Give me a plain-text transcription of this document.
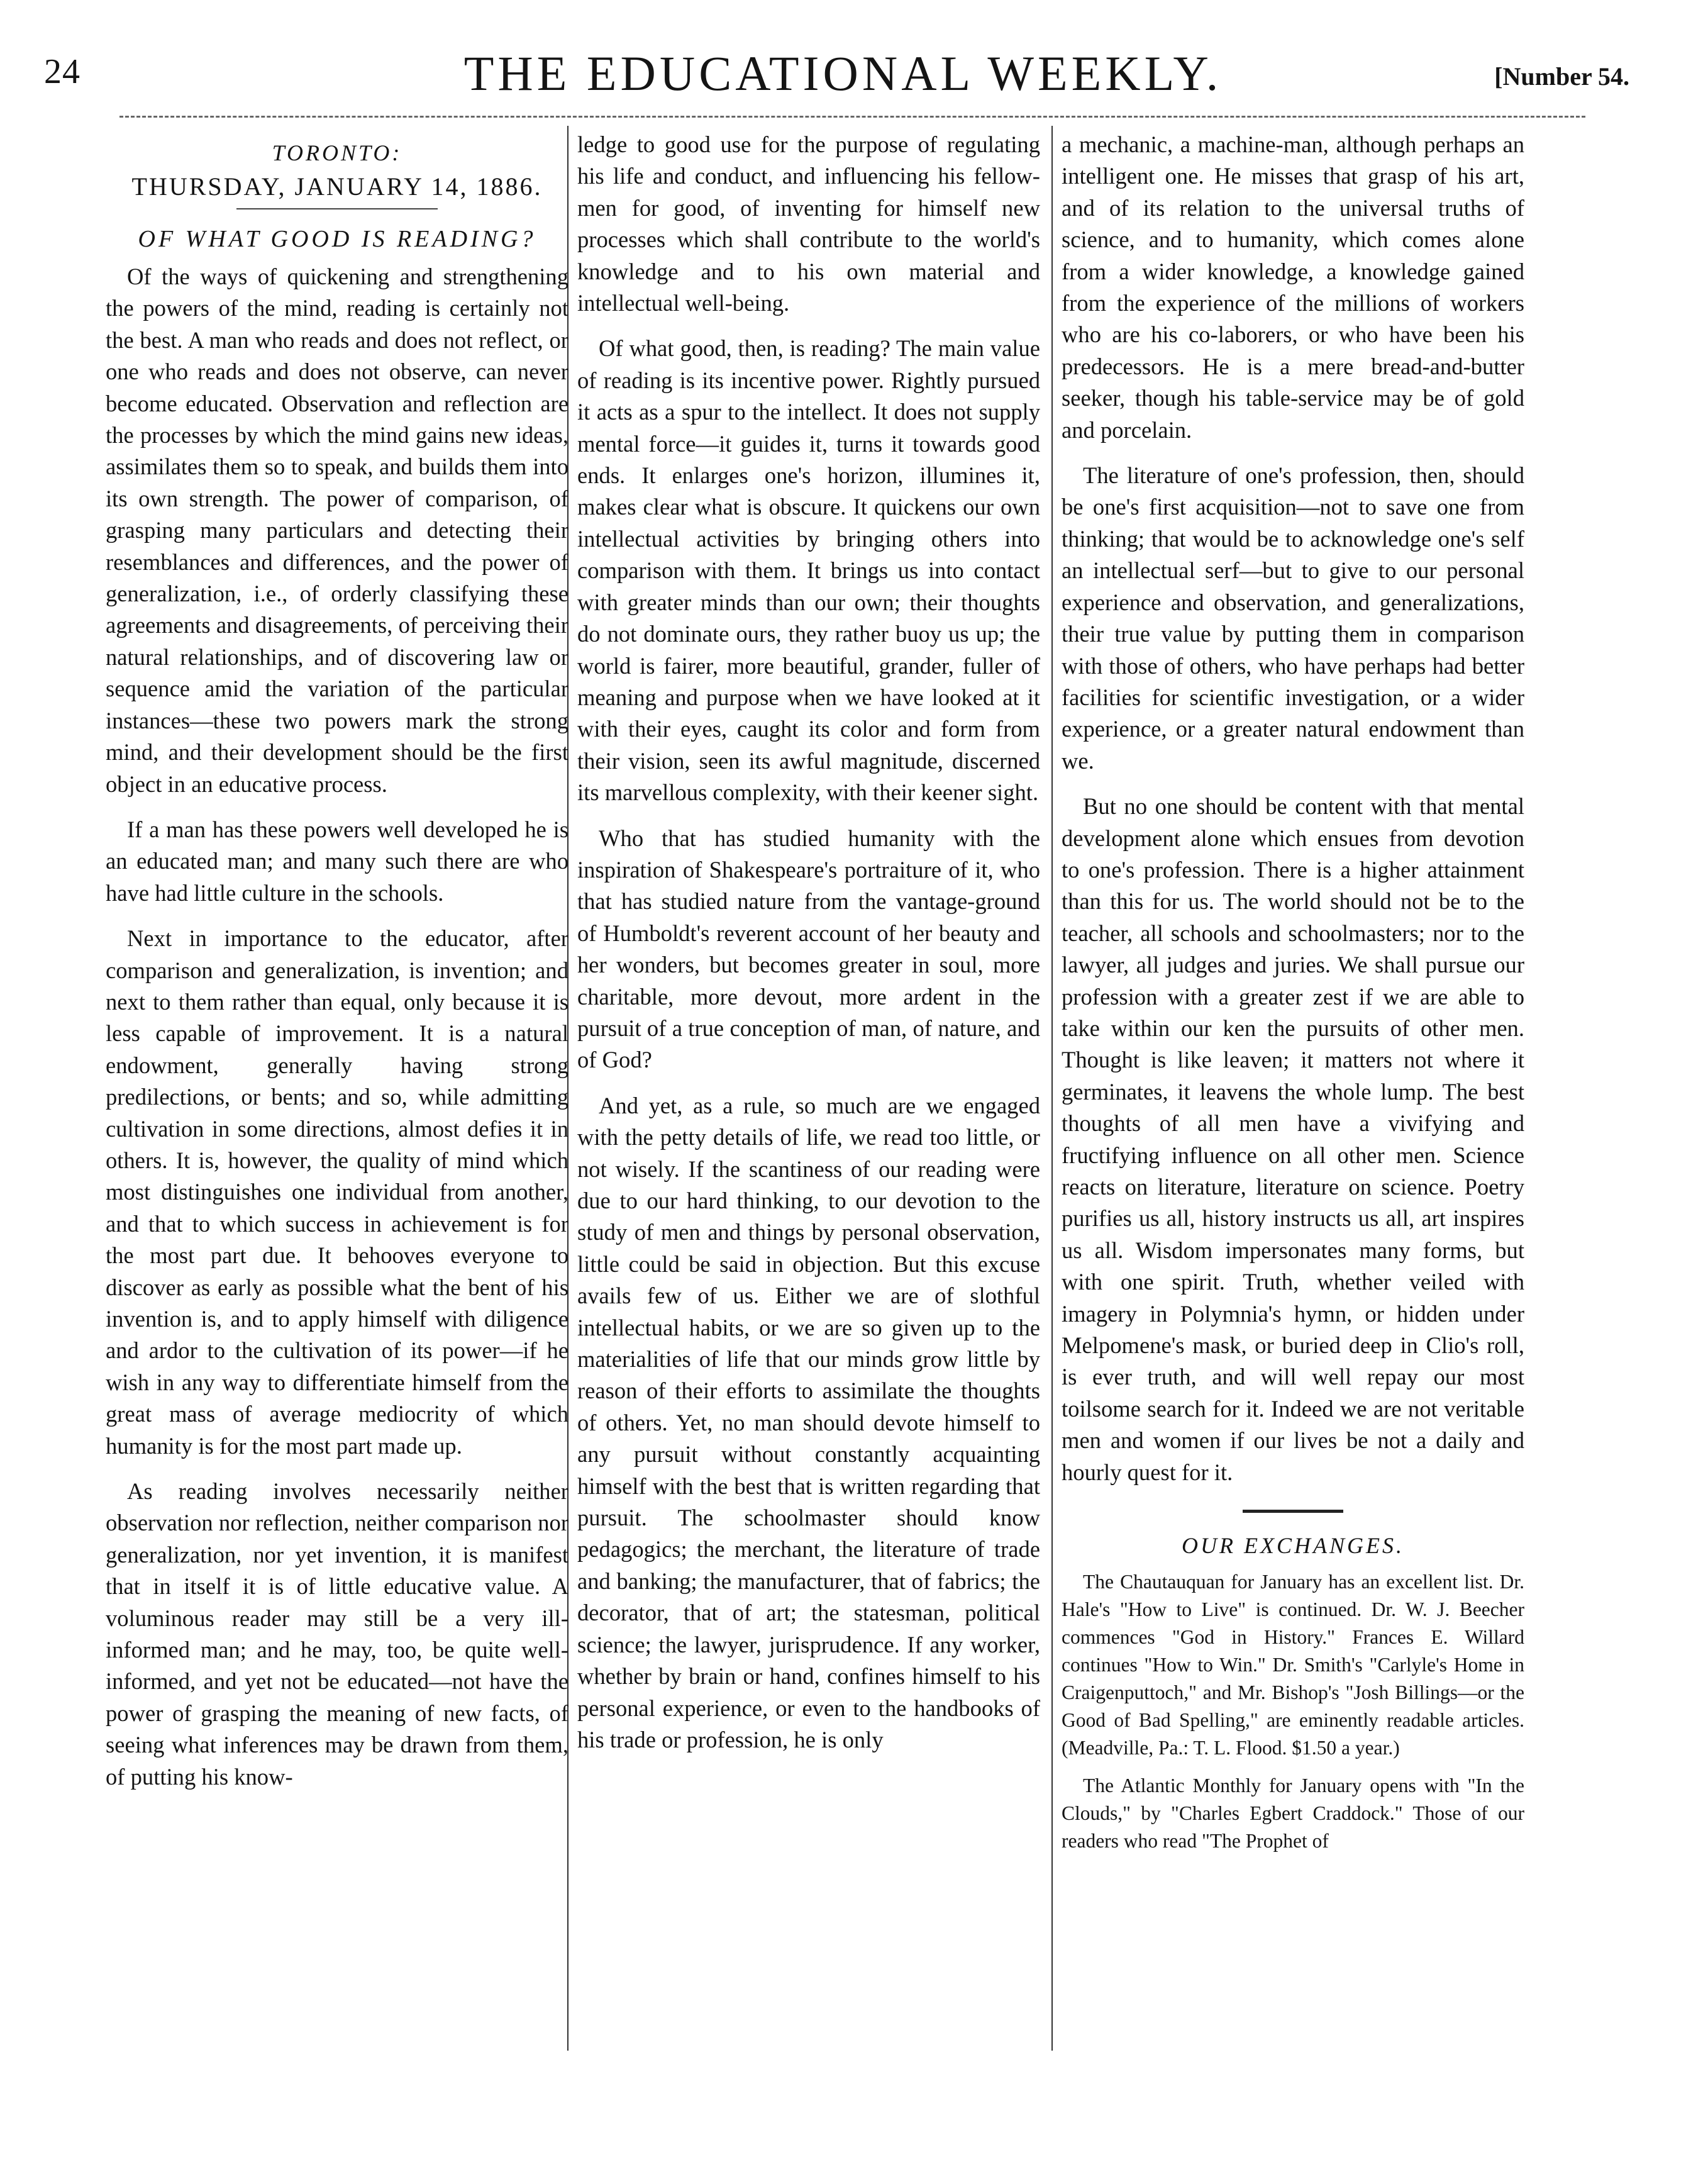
24	THE EDUCATIONAL WEEKLY.	[Number 54.
TORONTO:
THURSDAY, JANUARY 14, 1886.
OF WHAT GOOD IS READING?

Of the ways of quickening and strengthening the powers of the mind, reading is certainly not the best. A man who reads and does not reflect, or one who reads and does not observe, can never become educated. Observation and reflection are the processes by which the mind gains new ideas, assimilates them so to speak, and builds them into its own strength. The power of comparison, of grasping many particulars and detecting their resemblances and differences, and the power of generalization, i.e., of orderly classifying these agreements and disagreements, of perceiving their natural relationships, and of discovering law or sequence amid the variation of the particular instances—these two powers mark the strong mind, and their development should be the first object in an educative process.

If a man has these powers well developed he is an educated man; and many such there are who have had little culture in the schools.

Next in importance to the educator, after comparison and generalization, is invention; and next to them rather than equal, only because it is less capable of improvement. It is a natural endowment, generally having strong predilections, or bents; and so, while admitting cultivation in some directions, almost defies it in others. It is, however, the quality of mind which most distinguishes one individual from another, and that to which success in achievement is for the most part due. It behooves everyone to discover as early as possible what the bent of his invention is, and to apply himself with diligence and ardor to the cultivation of its power—if he wish in any way to differentiate himself from the great mass of average mediocrity of which humanity is for the most part made up.

As reading involves necessarily neither observation nor reflection, neither comparison nor generalization, nor yet invention, it is manifest that in itself it is of little educative value. A voluminous reader may still be a very ill-informed man; and he may, too, be quite well-informed, and yet not be educated—not have the power of grasping the meaning of new facts, of seeing what inferences may be drawn from them, of putting his know-

ledge to good use for the purpose of regulating his life and conduct, and influencing his fellow-men for good, of inventing for himself new processes which shall contribute to the world's knowledge and to his own material and intellectual well-being.

Of what good, then, is reading? The main value of reading is its incentive power. Rightly pursued it acts as a spur to the intellect. It does not supply mental force—it guides it, turns it towards good ends. It enlarges one's horizon, illumines it, makes clear what is obscure. It quickens our own intellectual activities by bringing others into comparison with them. It brings us into contact with greater minds than our own; their thoughts do not dominate ours, they rather buoy us up; the world is fairer, more beautiful, grander, fuller of meaning and purpose when we have looked at it with their eyes, caught its color and form from their vision, seen its awful magnitude, discerned its marvellous complexity, with their keener sight.

Who that has studied humanity with the inspiration of Shakespeare's portraiture of it, who that has studied nature from the vantage-ground of Humboldt's reverent account of her beauty and her wonders, but becomes greater in soul, more charitable, more devout, more ardent in the pursuit of a true conception of man, of nature, and of God?

And yet, as a rule, so much are we engaged with the petty details of life, we read too little, or not wisely. If the scantiness of our reading were due to our hard thinking, to our devotion to the study of men and things by personal observation, little could be said in objection. But this excuse avails few of us. Either we are of slothful intellectual habits, or we are so given up to the materialities of life that our minds grow little by reason of their efforts to assimilate the thoughts of others. Yet, no man should devote himself to any pursuit without constantly acquainting himself with the best that is written regarding that pursuit. The schoolmaster should know pedagogics; the merchant, the literature of trade and banking; the manufacturer, that of fabrics; the decorator, that of art; the statesman, political science; the lawyer, jurisprudence. If any worker, whether by brain or hand, confines himself to his personal experience, or even to the handbooks of his trade or profession, he is only

a mechanic, a machine-man, although perhaps an intelligent one. He misses that grasp of his art, and of its relation to the universal truths of science, and to humanity, which comes alone from a wider knowledge, a knowledge gained from the experience of the millions of workers who are his co-laborers, or who have been his predecessors. He is a mere bread-and-butter seeker, though his table-service may be of gold and porcelain.

The literature of one's profession, then, should be one's first acquisition—not to save one from thinking; that would be to acknowledge one's self an intellectual serf—but to give to our personal experience and observation, and generalizations, their true value by putting them in comparison with those of others, who have perhaps had better facilities for scientific investigation, or a wider experience, or a greater natural endowment than we.

But no one should be content with that mental development alone which ensues from devotion to one's profession. There is a higher attainment than this for us. The world should not be to the teacher, all schools and schoolmasters; nor to the lawyer, all judges and juries. We shall pursue our profession with a greater zest if we are able to take within our ken the pursuits of other men. Thought is like leaven; it matters not where it germinates, it leavens the whole lump. The best thoughts of all men have a vivifying and fructifying influence on all other men. Science reacts on literature, literature on science. Poetry purifies us all, history instructs us all, art inspires us all. Wisdom impersonates many forms, but with one spirit. Truth, whether veiled with imagery in Polymnia's hymn, or hidden under Melpomene's mask, or buried deep in Clio's roll, is ever truth, and will well repay our most toilsome search for it. Indeed we are not veritable men and women if our lives be not a daily and hourly quest for it.

OUR EXCHANGES.

The Chautauquan for January has an excellent list. Dr. Hale's "How to Live" is continued. Dr. W. J. Beecher commences "God in History." Frances E. Willard continues "How to Win." Dr. Smith's "Carlyle's Home in Craigenputtoch," and Mr. Bishop's "Josh Billings—or the Good of Bad Spelling," are eminently readable articles. (Meadville, Pa.: T. L. Flood. $1.50 a year.)

The Atlantic Monthly for January opens with "In the Clouds," by "Charles Egbert Craddock." Those of our readers who read "The Prophet of
